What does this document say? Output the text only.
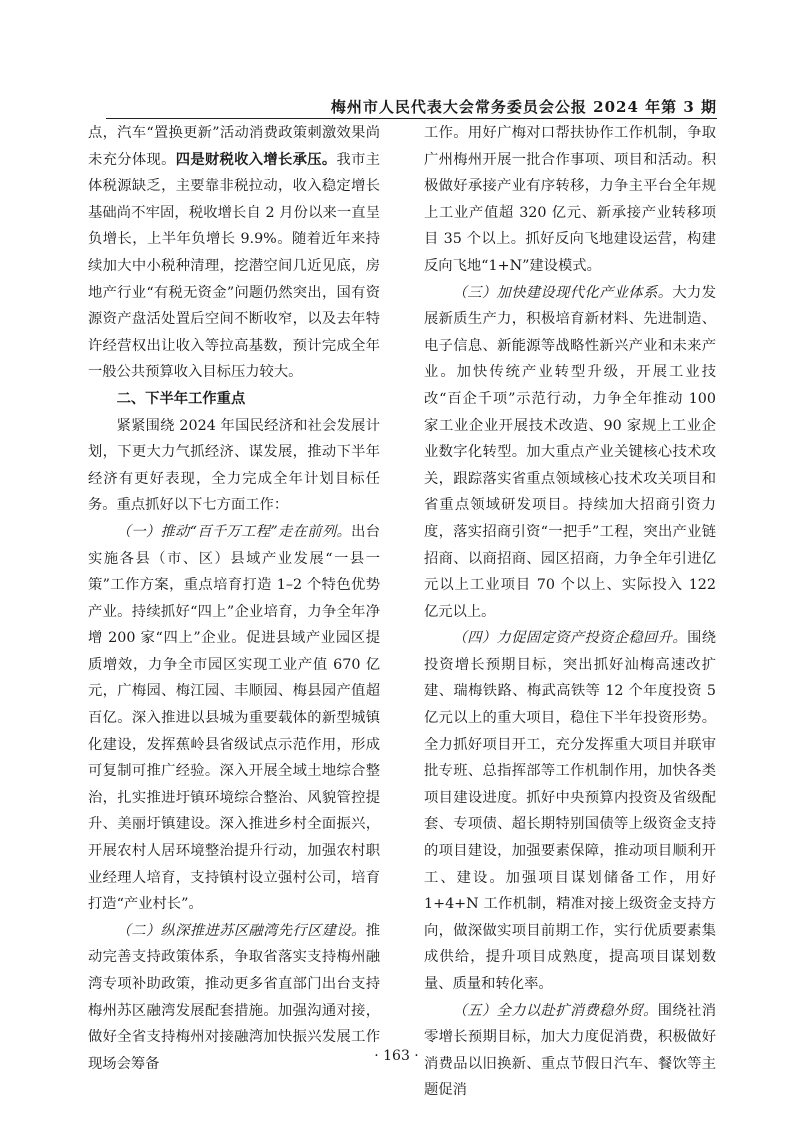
梅州市人民代表大会常务委员会公报 2024 年第 3 期

点，汽车“置换更新”活动消费政策刺激效果尚未充分体现。四是财税收入增长承压。我市主体税源缺乏，主要靠非税拉动，收入稳定增长基础尚不牢固，税收增长自 2 月份以来一直呈负增长，上半年负增长 9.9%。随着近年来持续加大中小税种清理，挖潜空间几近见底，房地产行业“有税无资金”问题仍然突出，国有资源资产盘活处置后空间不断收窄，以及去年特许经营权出让收入等拉高基数，预计完成全年一般公共预算收入目标压力较大。

二、下半年工作重点

紧紧围绕 2024 年国民经济和社会发展计划，下更大力气抓经济、谋发展，推动下半年经济有更好表现，全力完成全年计划目标任务。重点抓好以下七方面工作：

（一）推动“百千万工程”走在前列。出台实施各县（市、区）县域产业发展“一县一策”工作方案，重点培育打造 1–2 个特色优势产业。持续抓好“四上”企业培育，力争全年净增 200 家“四上”企业。促进县域产业园区提质增效，力争全市园区实现工业产值 670 亿元，广梅园、梅江园、丰顺园、梅县园产值超百亿。深入推进以县城为重要载体的新型城镇化建设，发挥蕉岭县省级试点示范作用，形成可复制可推广经验。深入开展全域土地综合整治，扎实推进圩镇环境综合整治、风貌管控提升、美丽圩镇建设。深入推进乡村全面振兴，开展农村人居环境整治提升行动，加强农村职业经理人培育，支持镇村设立强村公司，培育打造“产业村长”。

（二）纵深推进苏区融湾先行区建设。推动完善支持政策体系，争取省落实支持梅州融湾专项补助政策，推动更多省直部门出台支持梅州苏区融湾发展配套措施。加强沟通对接，做好全省支持梅州对接融湾加快振兴发展工作现场会筹备

工作。用好广梅对口帮扶协作工作机制，争取广州梅州开展一批合作事项、项目和活动。积极做好承接产业有序转移，力争主平台全年规上工业产值超 320 亿元、新承接产业转移项目 35 个以上。抓好反向飞地建设运营，构建反向飞地“1+N”建设模式。

（三）加快建设现代化产业体系。大力发展新质生产力，积极培育新材料、先进制造、电子信息、新能源等战略性新兴产业和未来产业。加快传统产业转型升级，开展工业技改“百企千项”示范行动，力争全年推动 100 家工业企业开展技术改造、90 家规上工业企业数字化转型。加大重点产业关键核心技术攻关，跟踪落实省重点领域核心技术攻关项目和省重点领域研发项目。持续加大招商引资力度，落实招商引资“一把手”工程，突出产业链招商、以商招商、园区招商，力争全年引进亿元以上工业项目 70 个以上、实际投入 122 亿元以上。

（四）力促固定资产投资企稳回升。围绕投资增长预期目标，突出抓好汕梅高速改扩建、瑞梅铁路、梅武高铁等 12 个年度投资 5 亿元以上的重大项目，稳住下半年投资形势。全力抓好项目开工，充分发挥重大项目并联审批专班、总指挥部等工作机制作用，加快各类项目建设进度。抓好中央预算内投资及省级配套、专项债、超长期特别国债等上级资金支持的项目建设，加强要素保障，推动项目顺利开工、建设。加强项目谋划储备工作，用好 1+4+N 工作机制，精准对接上级资金支持方向，做深做实项目前期工作，实行优质要素集成供给，提升项目成熟度，提高项目谋划数量、质量和转化率。

（五）全力以赴扩消费稳外贸。围绕社消零增长预期目标，加大力度促消费，积极做好消费品以旧换新、重点节假日汽车、餐饮等主题促消

· 163 ·
